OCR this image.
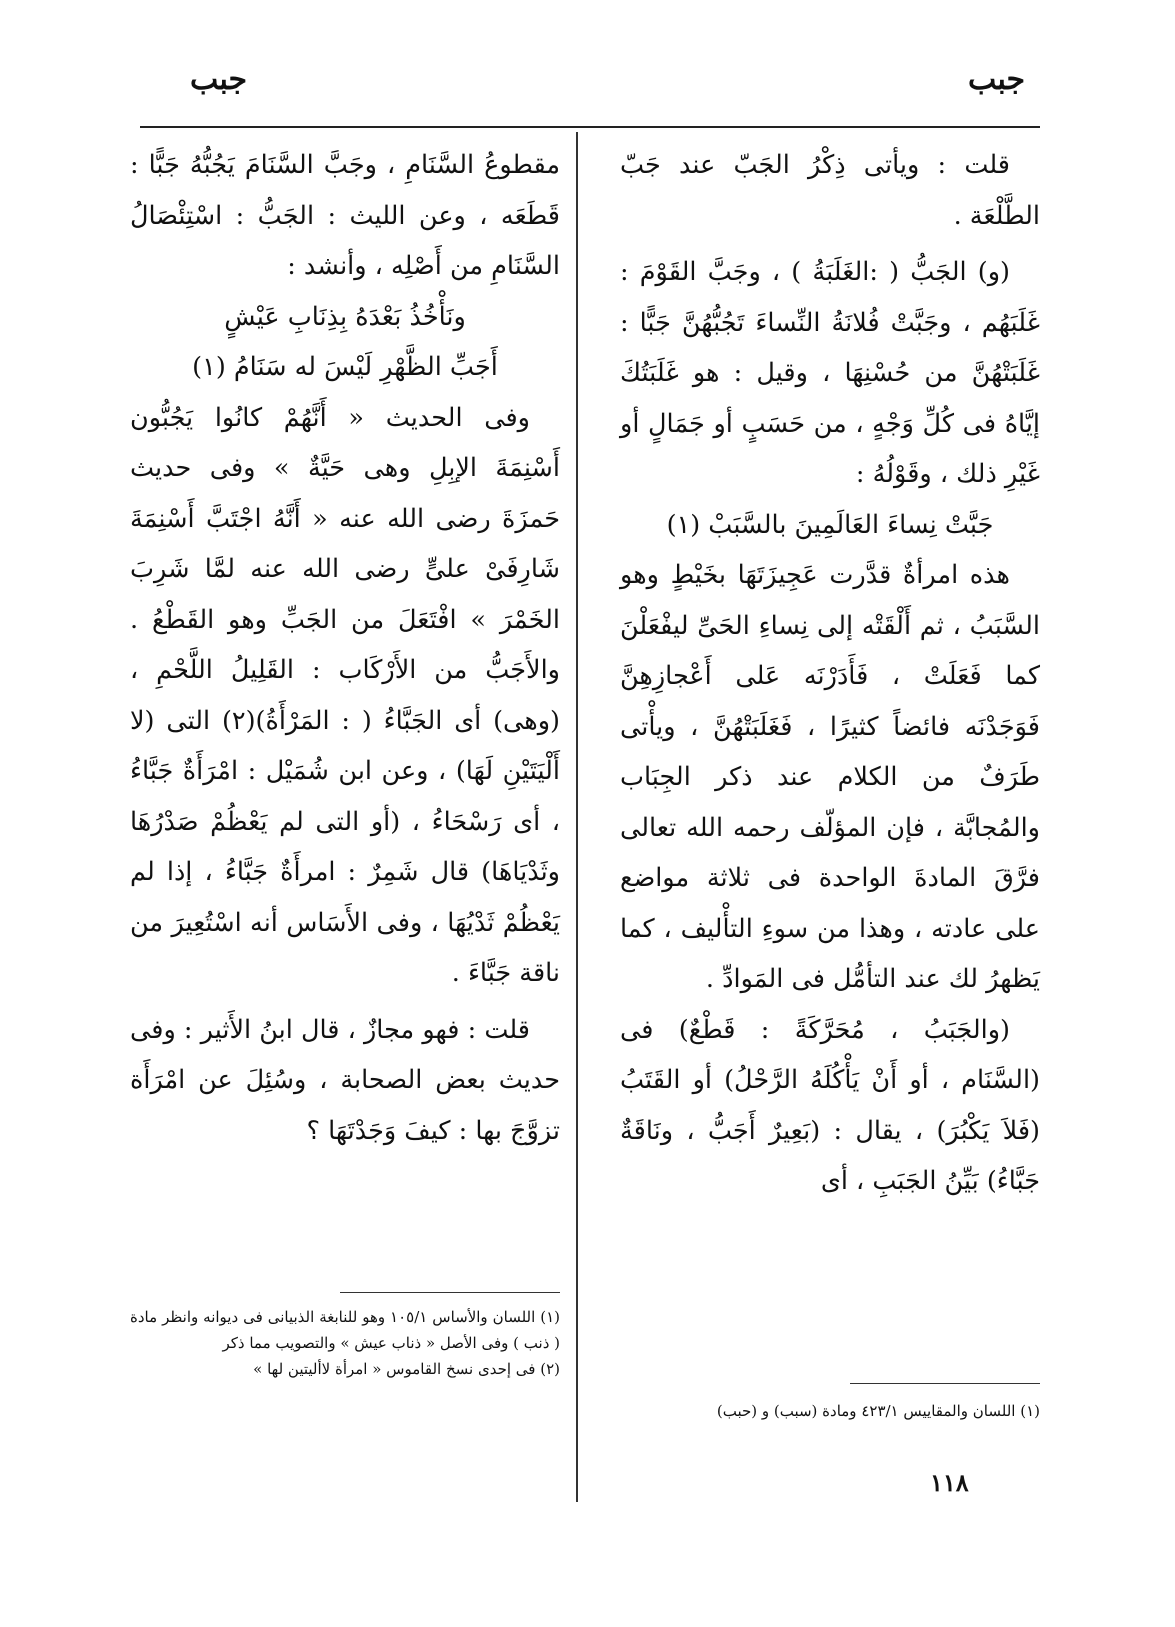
جبب
جبب

قلت : ويأتى ذِكْرُ الجَبّ عند جَبّ الطَّلْعَة .

(و) الجَبُّ ( :الغَلَبَةُ ) ، وجَبَّ القَوْمَ : غَلَبَهُم ، وجَبَّتْ فُلانَةُ النِّساءَ تَجُبُّهُنَّ جَبًّا : غَلَبَتْهُنَّ من حُسْنِهَا ، وقيل : هو غَلَبَتُكَ إيَّاهُ فى كُلِّ وَجْهٍ ، من حَسَبٍ أو جَمَالٍ أو غَيْرِ ذلك ، وقَوْلُهُ :

جَبَّتْ نِساءَ العَالَمِينَ بالسَّبَبْ (١)

هذه امرأةٌ قدَّرت عَجِيزَتَهَا بخَيْطٍ وهو السَّبَبُ ، ثم أَلْقَتْه إلى نِساءِ الحَىِّ ليفْعَلْنَ كما فَعَلَتْ ، فَأَدَرْنَه عَلى أَعْجازِهِنَّ فَوَجَدْنَه فائضاً كثيرًا ، فَغَلَبَتْهُنَّ ، ويأْتى طَرَفٌ من الكلام عند ذكر الجِبَاب والمُجابَّة ، فإن المؤلّف رحمه الله تعالى فرَّقَ المادةَ الواحدة فى ثلاثة مواضع على عادته ، وهذا من سوءِ التأْليف ، كما يَظهرُ لك عند التأمُّل فى المَوادِّ .

(والجَبَبُ ، مُحَرَّكَةً : قَطْعٌ) فى (السَّنَام ، أو أَنْ يَأْكُلَهُ الرَّحْلُ) أو القَتَبُ (فَلاَ يَكْبُرَ) ، يقال : (بَعِيرٌ أَجَبُّ ، ونَاقَةٌ جَبَّاءُ) بَيِّنُ الجَبَبِ ، أى

مقطوعُ السَّنَامِ ، وجَبَّ السَّنَامَ يَجُبُّهُ جَبًّا : قَطَعَه ، وعن الليث : الجَبُّ : اسْتِئْصَالُ السَّنَامِ من أَصْلِه ، وأنشد :

ونَأْخُذُ بَعْدَهُ بِذِنَابِ عَيْشٍ

أَجَبِّ الظَّهْرِ لَيْسَ له سَنَامُ (١)

وفى الحديث « أَنَّهُمْ كانُوا يَجُبُّون أَسْنِمَةَ الإبِلِ وهى حَيَّةٌ » وفى حديث حَمزَةَ رضى الله عنه « أَنَّهُ اجْتَبَّ أَسْنِمَةَ شَارِفَىْ علىٍّ رضى الله عنه لمَّا شَرِبَ الخَمْرَ » افْتَعَلَ من الجَبِّ وهو القَطْعُ . والأَجَبُّ من الأَرْكَاب : القَلِيلُ اللَّحْمِ ، (وهى) أى الجَبَّاءُ ( : المَرْأَةُ)(٢) التى (لا أَلْيَتَيْنِ لَهَا) ، وعن ابن شُمَيْل : امْرَأَةٌ جَبَّاءُ ، أى رَسْحَاءُ ، (أو التى لم يَعْظُمْ صَدْرُهَا وثَدْيَاهَا) قال شَمِرٌ : امرأَةٌ جَبَّاءُ ، إذا لم يَعْظُمْ ثَدْيُهَا ، وفى الأَسَاس أنه اسْتُعِيرَ من ناقة جَبَّاءَ .

قلت : فهو مجازٌ ، قال ابنُ الأَثير : وفى حديث بعض الصحابة ، وسُئِلَ عن امْرَأَة تزوَّجَ بها : كيفَ وَجَدْتَهَا ؟

(١) اللسان والمقاييس ٤٢٣/١ ومادة (سبب) و (حبب)

(١) اللسان والأساس ١٠٥/١ وهو للنابغة الذبيانى فى ديوانه وانظر مادة ( ذنب ) وفى الأصل « ذناب عيش » والتصويب مما ذكر

(٢) فى إحدى نسخ القاموس « امرأة لاأليتين لها »

١١٨
